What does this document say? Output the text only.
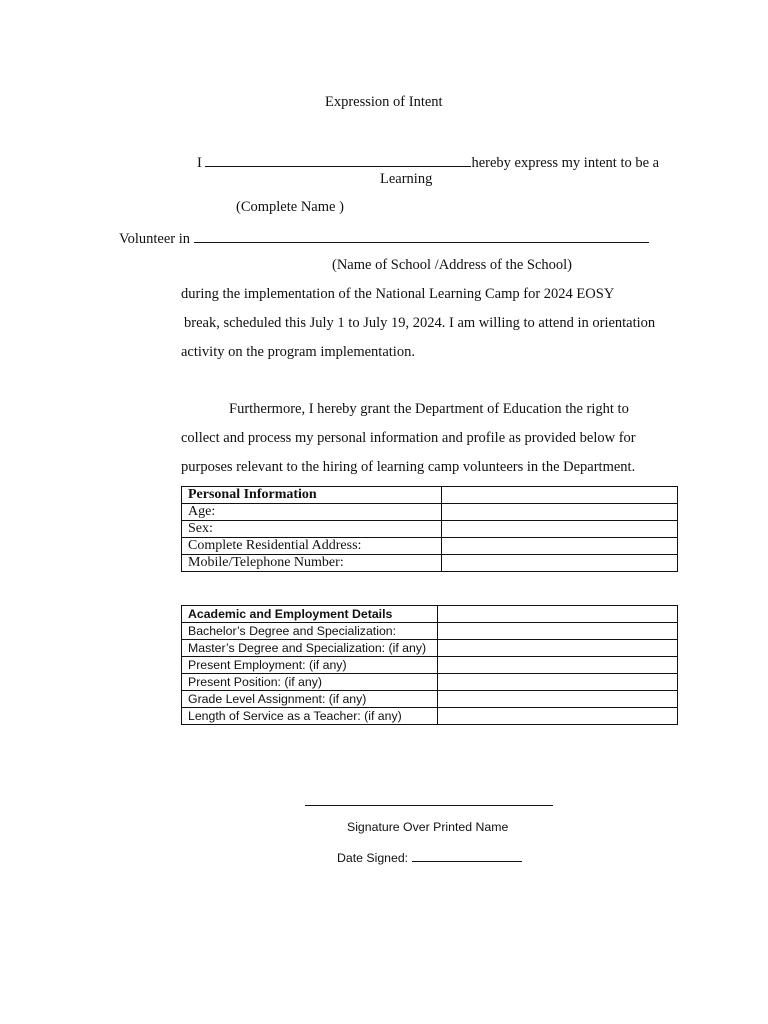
Expression of Intent
I	hereby express my intent to be a
Learning
(Complete Name )
Volunteer in
(Name of School /Address of the School)
during the implementation of the National Learning Camp for 2024 EOSY
break, scheduled this July 1 to July 19, 2024. I am willing to attend in orientation
activity on the program implementation.
Furthermore, I hereby grant the Department of Education the right to
collect and process my personal information and profile as provided below for
purposes relevant to the hiring of learning camp volunteers in the Department.
Personal Information	
Age:	
Sex:	
Complete Residential Address:	
Mobile/Telephone Number:	
Academic and Employment Details	
Bachelor’s Degree and Specialization:	
Master’s Degree and Specialization: (if any)	
Present Employment: (if any)	
Present Position: (if any)	
Grade Level Assignment: (if any)	
Length of Service as a Teacher: (if any)	
Signature Over Printed Name
Date Signed:
